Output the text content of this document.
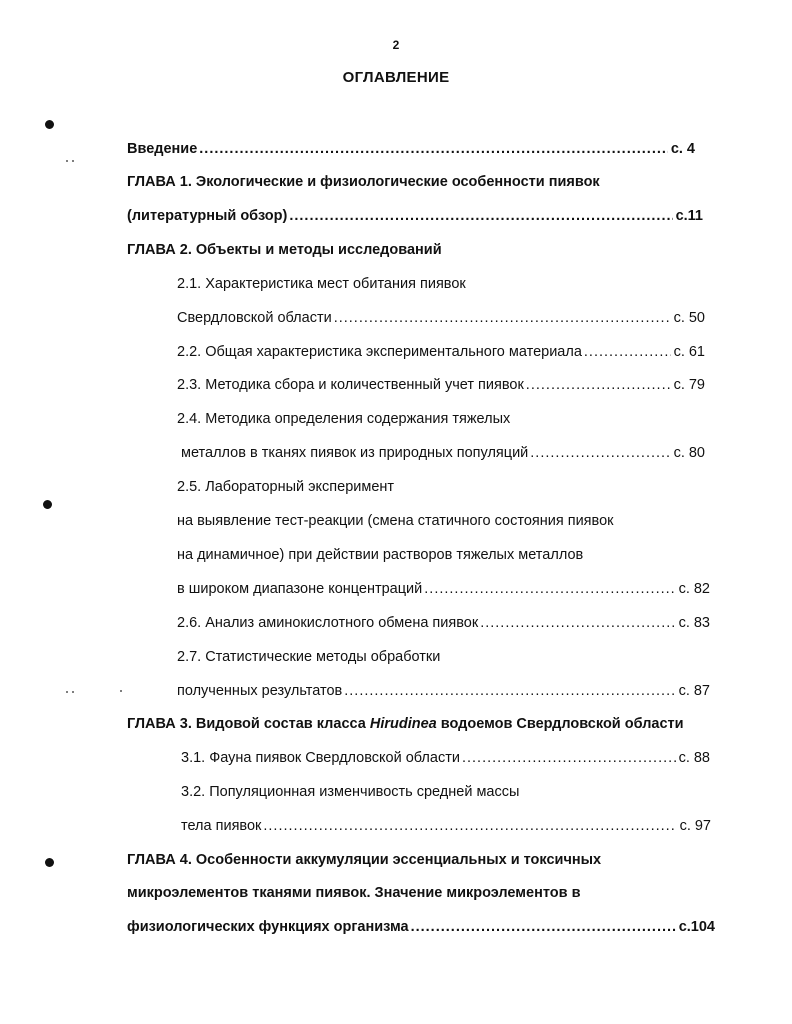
2
ОГЛАВЛЕНИЕ
Введение .....	с. 4
ГЛАВА 1. Экологические и физиологические особенности пиявок
(литературный обзор) .....	с.11
ГЛАВА 2. Объекты и методы исследований
2.1. Характеристика мест обитания пиявок
Свердловской области .....	с. 50
2.2. Общая характеристика экспериментального материала .....	с. 61
2.3. Методика сбора и количественный учет пиявок .....	с. 79
2.4. Методика определения содержания тяжелых
металлов в тканях пиявок из природных популяций .....	с. 80
2.5. Лабораторный эксперимент
на выявление тест-реакции (смена статичного состояния пиявок
на динамичное) при действии растворов тяжелых металлов
в широком диапазоне концентраций .....	с. 82
2.6. Анализ аминокислотного обмена пиявок .....	с. 83
2.7. Статистические методы обработки
полученных результатов .....	с. 87
ГЛАВА 3. Видовой состав класса Hirudinea водоемов Свердловской области
3.1. Фауна пиявок Свердловской области .....	с. 88
3.2. Популяционная изменчивость средней массы
тела пиявок .....	с. 97
ГЛАВА 4. Особенности аккумуляции эссенциальных и токсичных
микроэлементов тканями пиявок. Значение микроэлементов в
физиологических функциях организма .....	с.104
